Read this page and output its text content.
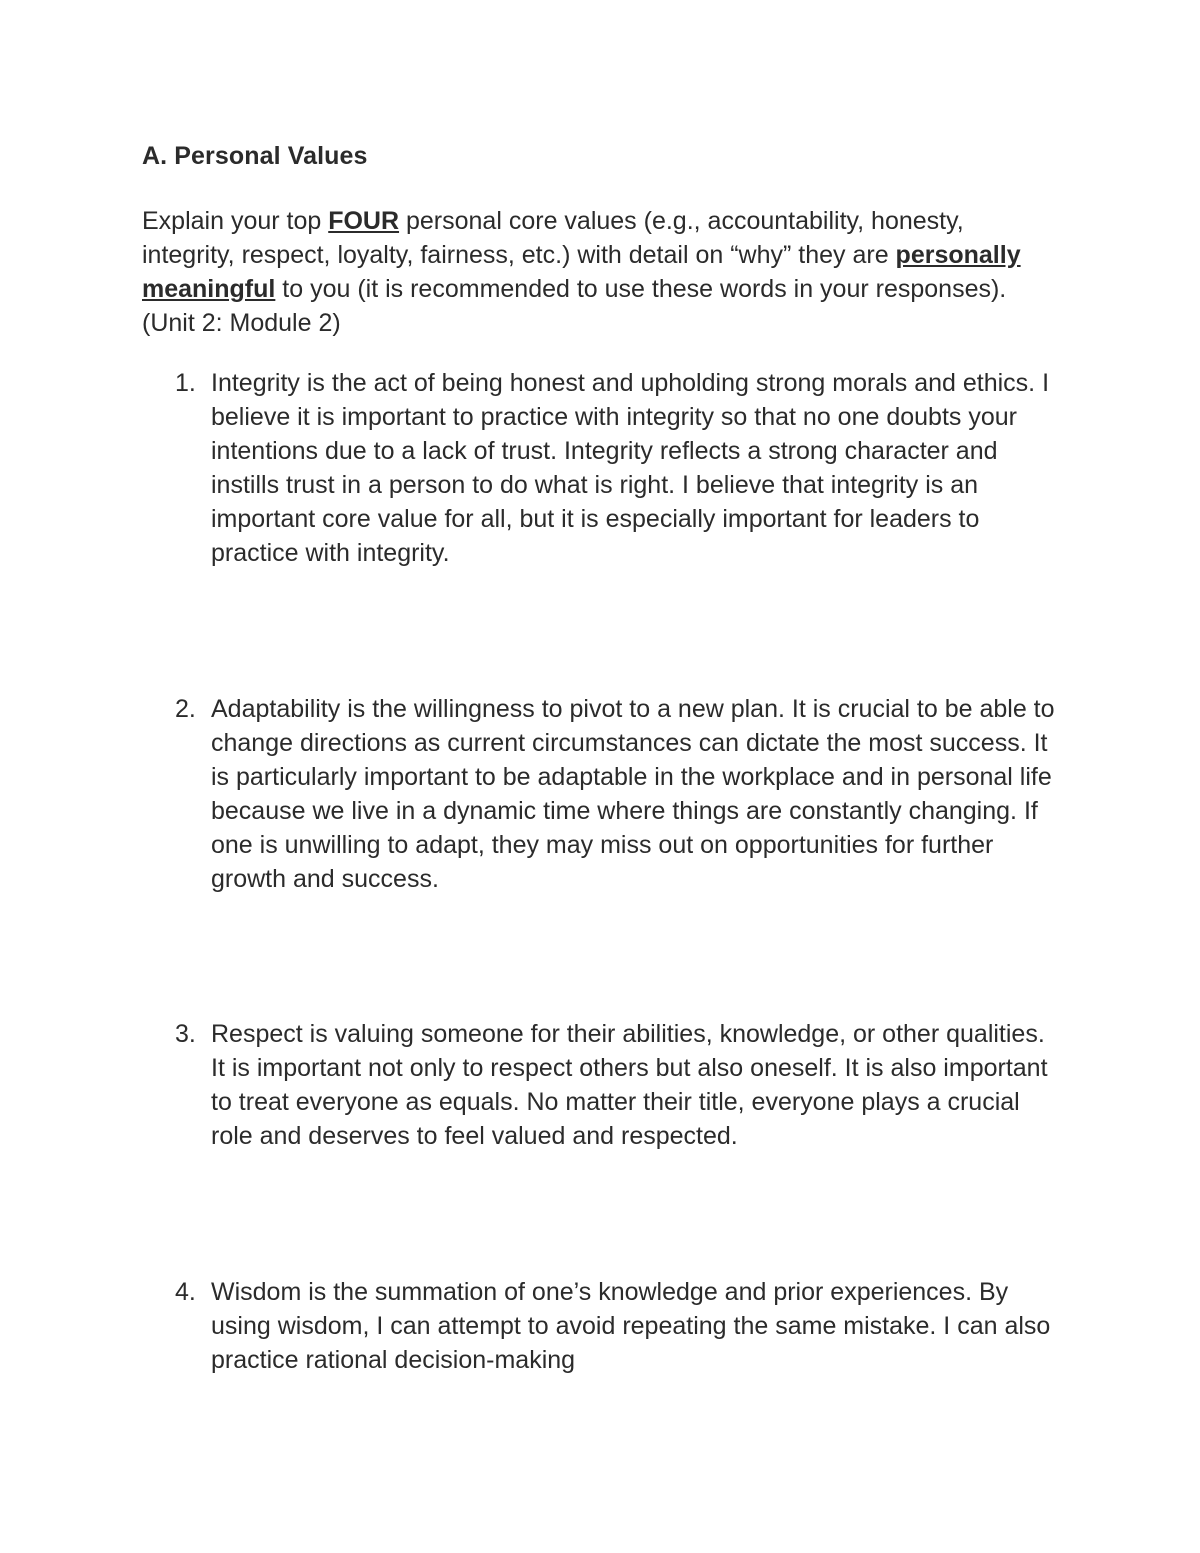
A. Personal Values

Explain your top FOUR personal core values (e.g., accountability, honesty, integrity, respect, loyalty, fairness, etc.) with detail on “why” they are personally meaningful to you (it is recommended to use these words in your responses). (Unit 2: Module 2)

1. Integrity is the act of being honest and upholding strong morals and ethics. I believe it is important to practice with integrity so that no one doubts your intentions due to a lack of trust. Integrity reflects a strong character and instills trust in a person to do what is right. I believe that integrity is an important core value for all, but it is especially important for leaders to practice with integrity.

2. Adaptability is the willingness to pivot to a new plan. It is crucial to be able to change directions as current circumstances can dictate the most success. It is particularly important to be adaptable in the workplace and in personal life because we live in a dynamic time where things are constantly changing. If one is unwilling to adapt, they may miss out on opportunities for further growth and success.

3. Respect is valuing someone for their abilities, knowledge, or other qualities. It is important not only to respect others but also oneself. It is also important to treat everyone as equals. No matter their title, everyone plays a crucial role and deserves to feel valued and respected.

4. Wisdom is the summation of one’s knowledge and prior experiences. By using wisdom, I can attempt to avoid repeating the same mistake. I can also practice rational decision-making
